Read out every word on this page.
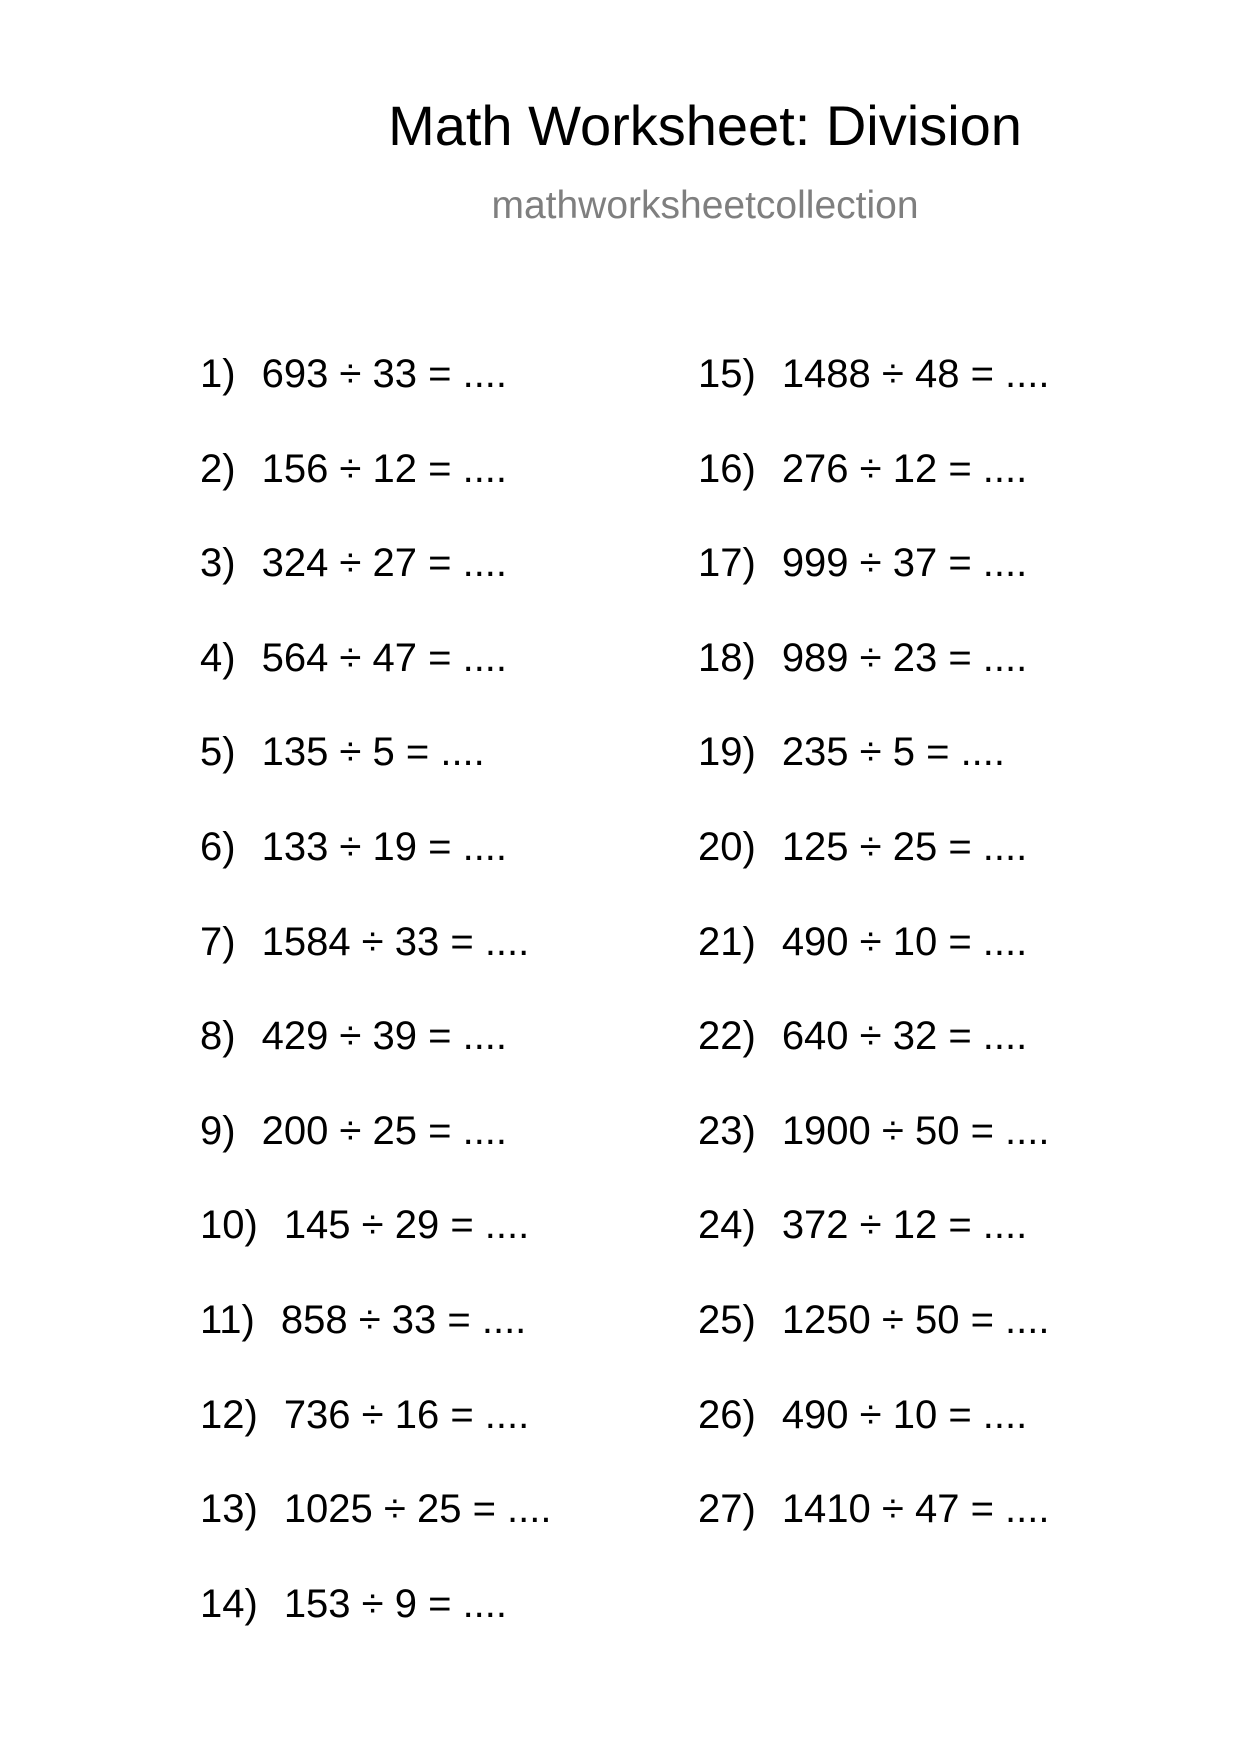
Math Worksheet: Division
mathworksheetcollection
1) 693 ÷ 33 = ....
2) 156 ÷ 12 = ....
3) 324 ÷ 27 = ....
4) 564 ÷ 47 = ....
5) 135 ÷ 5 = ....
6) 133 ÷ 19 = ....
7) 1584 ÷ 33 = ....
8) 429 ÷ 39 = ....
9) 200 ÷ 25 = ....
10) 145 ÷ 29 = ....
11) 858 ÷ 33 = ....
12) 736 ÷ 16 = ....
13) 1025 ÷ 25 = ....
14) 153 ÷ 9 = ....
15) 1488 ÷ 48 = ....
16) 276 ÷ 12 = ....
17) 999 ÷ 37 = ....
18) 989 ÷ 23 = ....
19) 235 ÷ 5 = ....
20) 125 ÷ 25 = ....
21) 490 ÷ 10 = ....
22) 640 ÷ 32 = ....
23) 1900 ÷ 50 = ....
24) 372 ÷ 12 = ....
25) 1250 ÷ 50 = ....
26) 490 ÷ 10 = ....
27) 1410 ÷ 47 = ....
